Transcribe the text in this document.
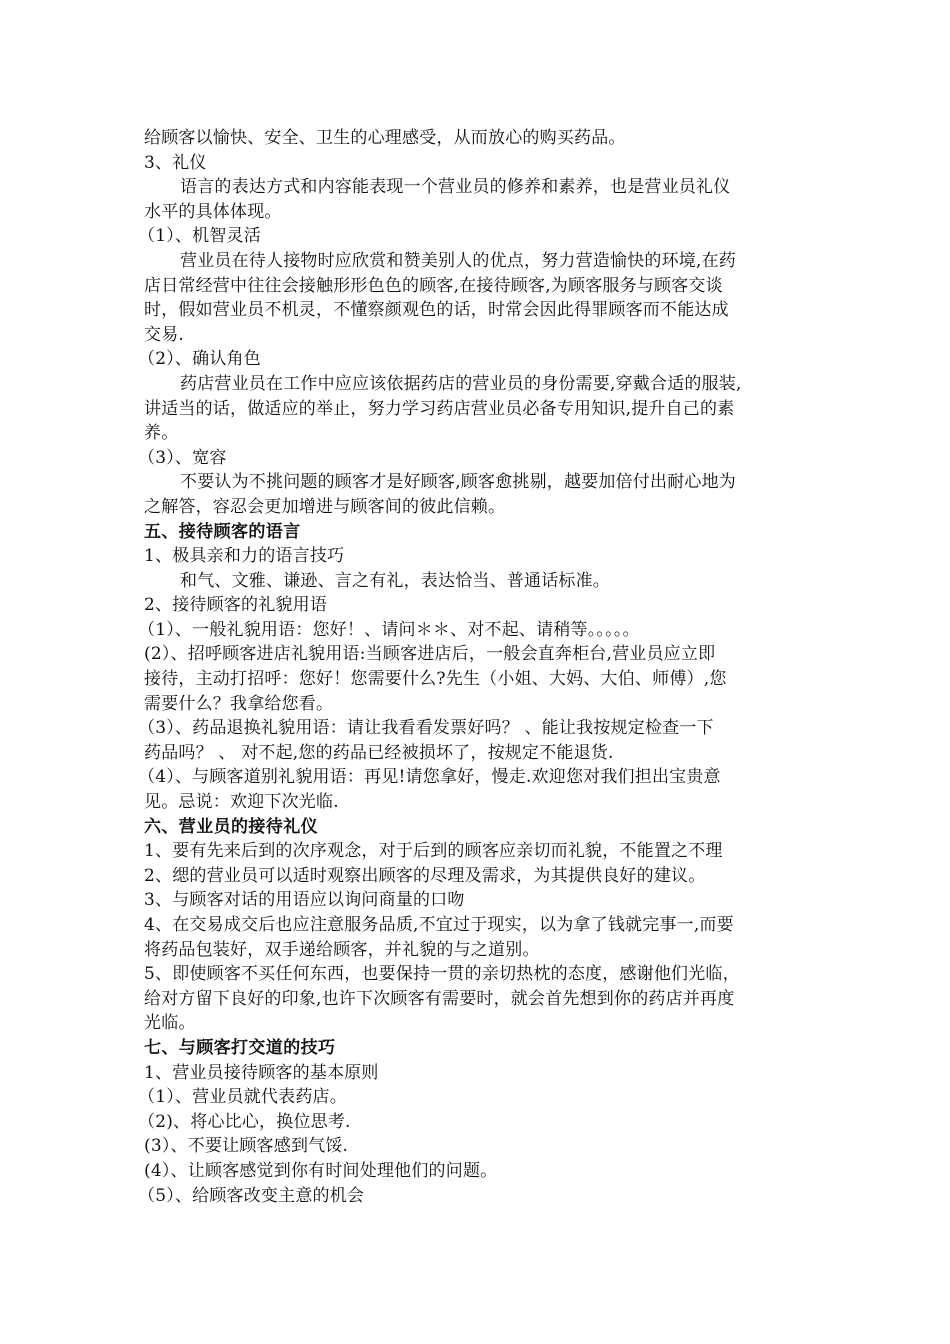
给顾客以愉快、安全、卫生的心理感受，从而放心的购买药品。
3、礼仪
语言的表达方式和内容能表现一个营业员的修养和素养，也是营业员礼仪
水平的具体体现。
（1）、机智灵活
营业员在待人接物时应欣赏和赞美别人的优点，努力营造愉快的环境,在药
店日常经营中往往会接触形形色色的顾客,在接待顾客,为顾客服务与顾客交谈
时，假如营业员不机灵，不懂察颜观色的话，时常会因此得罪顾客而不能达成
交易.
（2）、确认角色
药店营业员在工作中应应该依据药店的营业员的身份需要,穿戴合适的服装,
讲适当的话，做适应的举止，努力学习药店营业员必备专用知识,提升自己的素
养。
（3）、宽容
不要认为不挑问题的顾客才是好顾客,顾客愈挑剔，越要加倍付出耐心地为
之解答，容忍会更加增进与顾客间的彼此信赖。
五、接待顾客的语言
1、极具亲和力的语言技巧
和气、文雅、谦逊、言之有礼，表达恰当、普通话标准。
2、接待顾客的礼貌用语
（1）、一般礼貌用语：您好！、请问＊＊、对不起、请稍等。。。。。
(2）、招呼顾客进店礼貌用语:当顾客进店后，一般会直奔柜台,营业员应立即
接待，主动打招呼：您好！您需要什么?先生（小姐、大妈、大伯、师傅）,您
需要什么？我拿给您看。
（3）、药品退换礼貌用语：请让我看看发票好吗？ 、能让我按规定检查一下
药品吗？ 、 对不起,您的药品已经被损坏了，按规定不能退货.
（4）、与顾客道别礼貌用语：再见!请您拿好，慢走.欢迎您对我们担出宝贵意
见。忌说：欢迎下次光临.
六、营业员的接待礼仪
1、要有先来后到的次序观念，对于后到的顾客应亲切而礼貌，不能置之不理
2、缌的营业员可以适时观察出顾客的尽理及需求，为其提供良好的建议。
3、与顾客对话的用语应以询问商量的口吻
4、在交易成交后也应注意服务品质,不宜过于现实，以为拿了钱就完事一,而要
将药品包装好，双手递给顾客，并礼貌的与之道别。
5、即使顾客不买任何东西，也要保持一贯的亲切热枕的态度，感谢他们光临，
给对方留下良好的印象,也许下次顾客有需要时，就会首先想到你的药店并再度
光临。
七、与顾客打交道的技巧
1、营业员接待顾客的基本原则
（1）、营业员就代表药店。
（2)、将心比心，换位思考.
(3）、不要让顾客感到气馁.
(4）、让顾客感觉到你有时间处理他们的问题。
（5）、给顾客改变主意的机会
